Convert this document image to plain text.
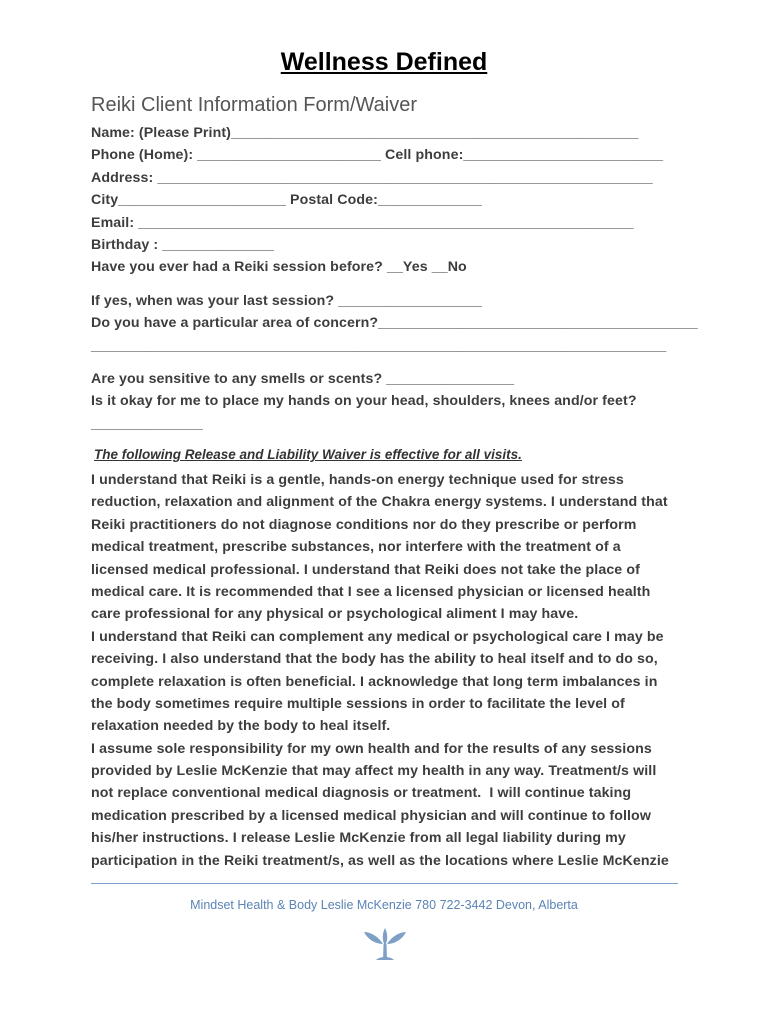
Wellness Defined
Reiki Client Information Form/Waiver
Name: (Please Print)___________________________________________________
Phone (Home): _______________________ Cell phone:_________________________
Address: ______________________________________________________________
City_____________________ Postal Code:_____________
Email: ______________________________________________________________
Birthday : ______________
Have you ever had a Reiki session before? __Yes __No
If yes, when was your last session? __________________
Do you have a particular area of concern?________________________________________
________________________________________________________________________
Are you sensitive to any smells or scents? ________________
Is it okay for me to place my hands on your head, shoulders, knees and/or feet?
______________
The following Release and Liability Waiver is effective for all visits.
I understand that Reiki is a gentle, hands-on energy technique used for stress
reduction, relaxation and alignment of the Chakra energy systems. I understand that
Reiki practitioners do not diagnose conditions nor do they prescribe or perform
medical treatment, prescribe substances, nor interfere with the treatment of a
licensed medical professional. I understand that Reiki does not take the place of
medical care. It is recommended that I see a licensed physician or licensed health
care professional for any physical or psychological aliment I may have.
I understand that Reiki can complement any medical or psychological care I may be
receiving. I also understand that the body has the ability to heal itself and to do so,
complete relaxation is often beneficial. I acknowledge that long term imbalances in
the body sometimes require multiple sessions in order to facilitate the level of
relaxation needed by the body to heal itself.
I assume sole responsibility for my own health and for the results of any sessions
provided by Leslie McKenzie that may affect my health in any way. Treatment/s will
not replace conventional medical diagnosis or treatment.  I will continue taking
medication prescribed by a licensed medical physician and will continue to follow
his/her instructions. I release Leslie McKenzie from all legal liability during my
participation in the Reiki treatment/s, as well as the locations where Leslie McKenzie
Mindset Health & Body Leslie McKenzie 780 722-3442 Devon, Alberta
